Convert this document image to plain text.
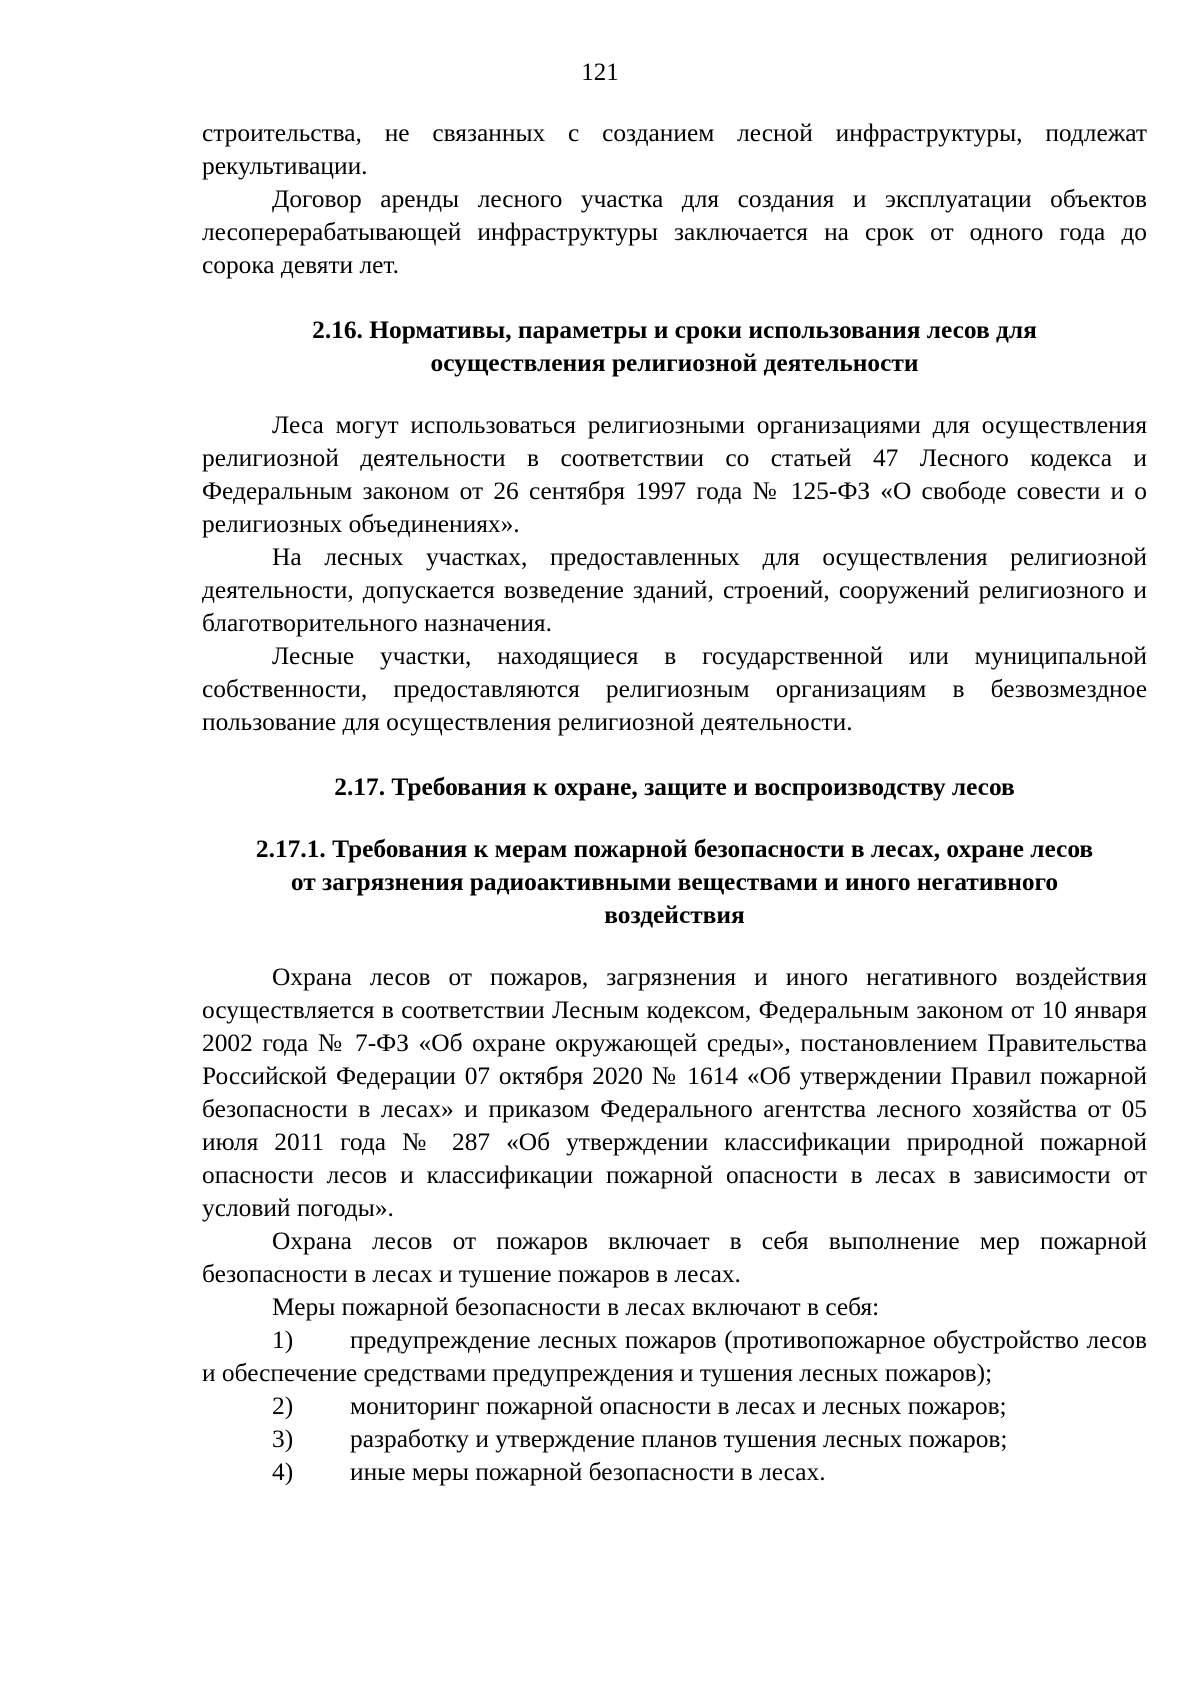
121

строительства, не связанных с созданием лесной инфраструктуры, подлежат рекультивации.

Договор аренды лесного участка для создания и эксплуатации объектов лесоперерабатывающей инфраструктуры заключается на срок от одного года до сорока девяти лет.

2.16. Нормативы, параметры и сроки использования лесов для
осуществления религиозной деятельности

Леса могут использоваться религиозными организациями для осуществления религиозной деятельности в соответствии со статьей 47 Лесного кодекса и Федеральным законом от 26 сентября 1997 года № 125-ФЗ «О свободе совести и о религиозных объединениях».

На лесных участках, предоставленных для осуществления религиозной деятельности, допускается возведение зданий, строений, сооружений религиозного и благотворительного назначения.

Лесные участки, находящиеся в государственной или муниципальной собственности, предоставляются религиозным организациям в безвозмездное пользование для осуществления религиозной деятельности.

2.17. Требования к охране, защите и воспроизводству лесов
2.17.1. Требования к мерам пожарной безопасности в лесах, охране лесов
от загрязнения радиоактивными веществами и иного негативного
воздействия

Охрана лесов от пожаров, загрязнения и иного негативного воздействия осуществляется в соответствии Лесным кодексом, Федеральным законом от 10 января 2002 года № 7-ФЗ «Об охране окружающей среды», постановлением Правительства Российской Федерации 07 октября 2020 № 1614 «Об утверждении Правил пожарной безопасности в лесах» и приказом Федерального агентства лесного хозяйства от 05 июля 2011 года № 287 «Об утверждении классификации природной пожарной опасности лесов и классификации пожарной опасности в лесах в зависимости от условий погоды».

Охрана лесов от пожаров включает в себя выполнение мер пожарной безопасности в лесах и тушение пожаров в лесах.

Меры пожарной безопасности в лесах включают в себя:

1) предупреждение лесных пожаров (противопожарное обустройство лесов и обеспечение средствами предупреждения и тушения лесных пожаров);

2)	мониторинг пожарной опасности в лесах и лесных пожаров;
3)	разработку и утверждение планов тушения лесных пожаров;
4)	иные меры пожарной безопасности в лесах.
